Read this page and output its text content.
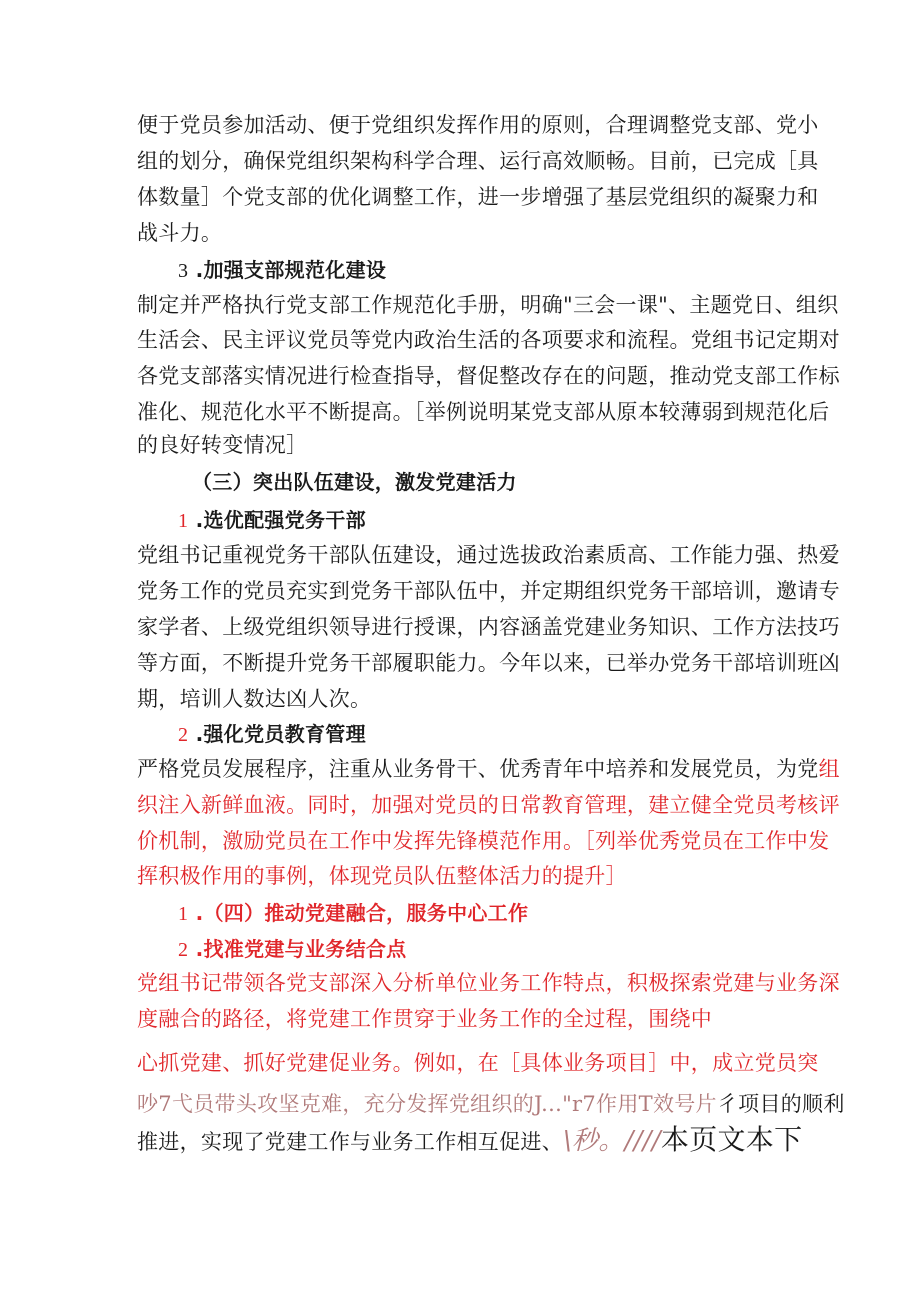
便于党员参加活动、便于党组织发挥作用的原则，合理调整党支部、党小
组的划分，确保党组织架构科学合理、运行高效顺畅。目前，已完成［具
体数量］个党支部的优化调整工作，进一步增强了基层党组织的凝聚力和
战斗力。
3 .加强支部规范化建设
制定并严格执行党支部工作规范化手册，明确"三会一课"、主题党日、组织
生活会、民主评议党员等党内政治生活的各项要求和流程。党组书记定期对
各党支部落实情况进行检查指导，督促整改存在的问题，推动党支部工作标
准化、规范化水平不断提高。［举例说明某党支部从原本较薄弱到规范化后
的良好转变情况］
（三）突出队伍建设，激发党建活力
1 .选优配强党务干部
党组书记重视党务干部队伍建设，通过选拔政治素质高、工作能力强、热爱
党务工作的党员充实到党务干部队伍中，并定期组织党务干部培训，邀请专
家学者、上级党组织领导进行授课，内容涵盖党建业务知识、工作方法技巧
等方面，不断提升党务干部履职能力。今年以来，已举办党务干部培训班凶
期，培训人数达凶人次。
2 .强化党员教育管理
严格党员发展程序，注重从业务骨干、优秀青年中培养和发展党员，为党组
织注入新鲜血液。同时，加强对党员的日常教育管理，建立健全党员考核评
价机制，激励党员在工作中发挥先锋模范作用。［列举优秀党员在工作中发
挥积极作用的事例，体现党员队伍整体活力的提升］
1 .（四）推动党建融合，服务中心工作
2 .找准党建与业务结合点
党组书记带领各党支部深入分析单位业务工作特点，积极探索党建与业务深
度融合的路径，将党建工作贯穿于业务工作的全过程，围绕中
心抓党建、抓好党建促业务。例如，在［具体业务项目］中，成立党员突
吵7弋员带头攻坚克难，充分发挥党组织的J..."r7作用T效号片彳项目的顺利
推进，实现了党建工作与业务工作相互促进、\秒。////本页文本下
